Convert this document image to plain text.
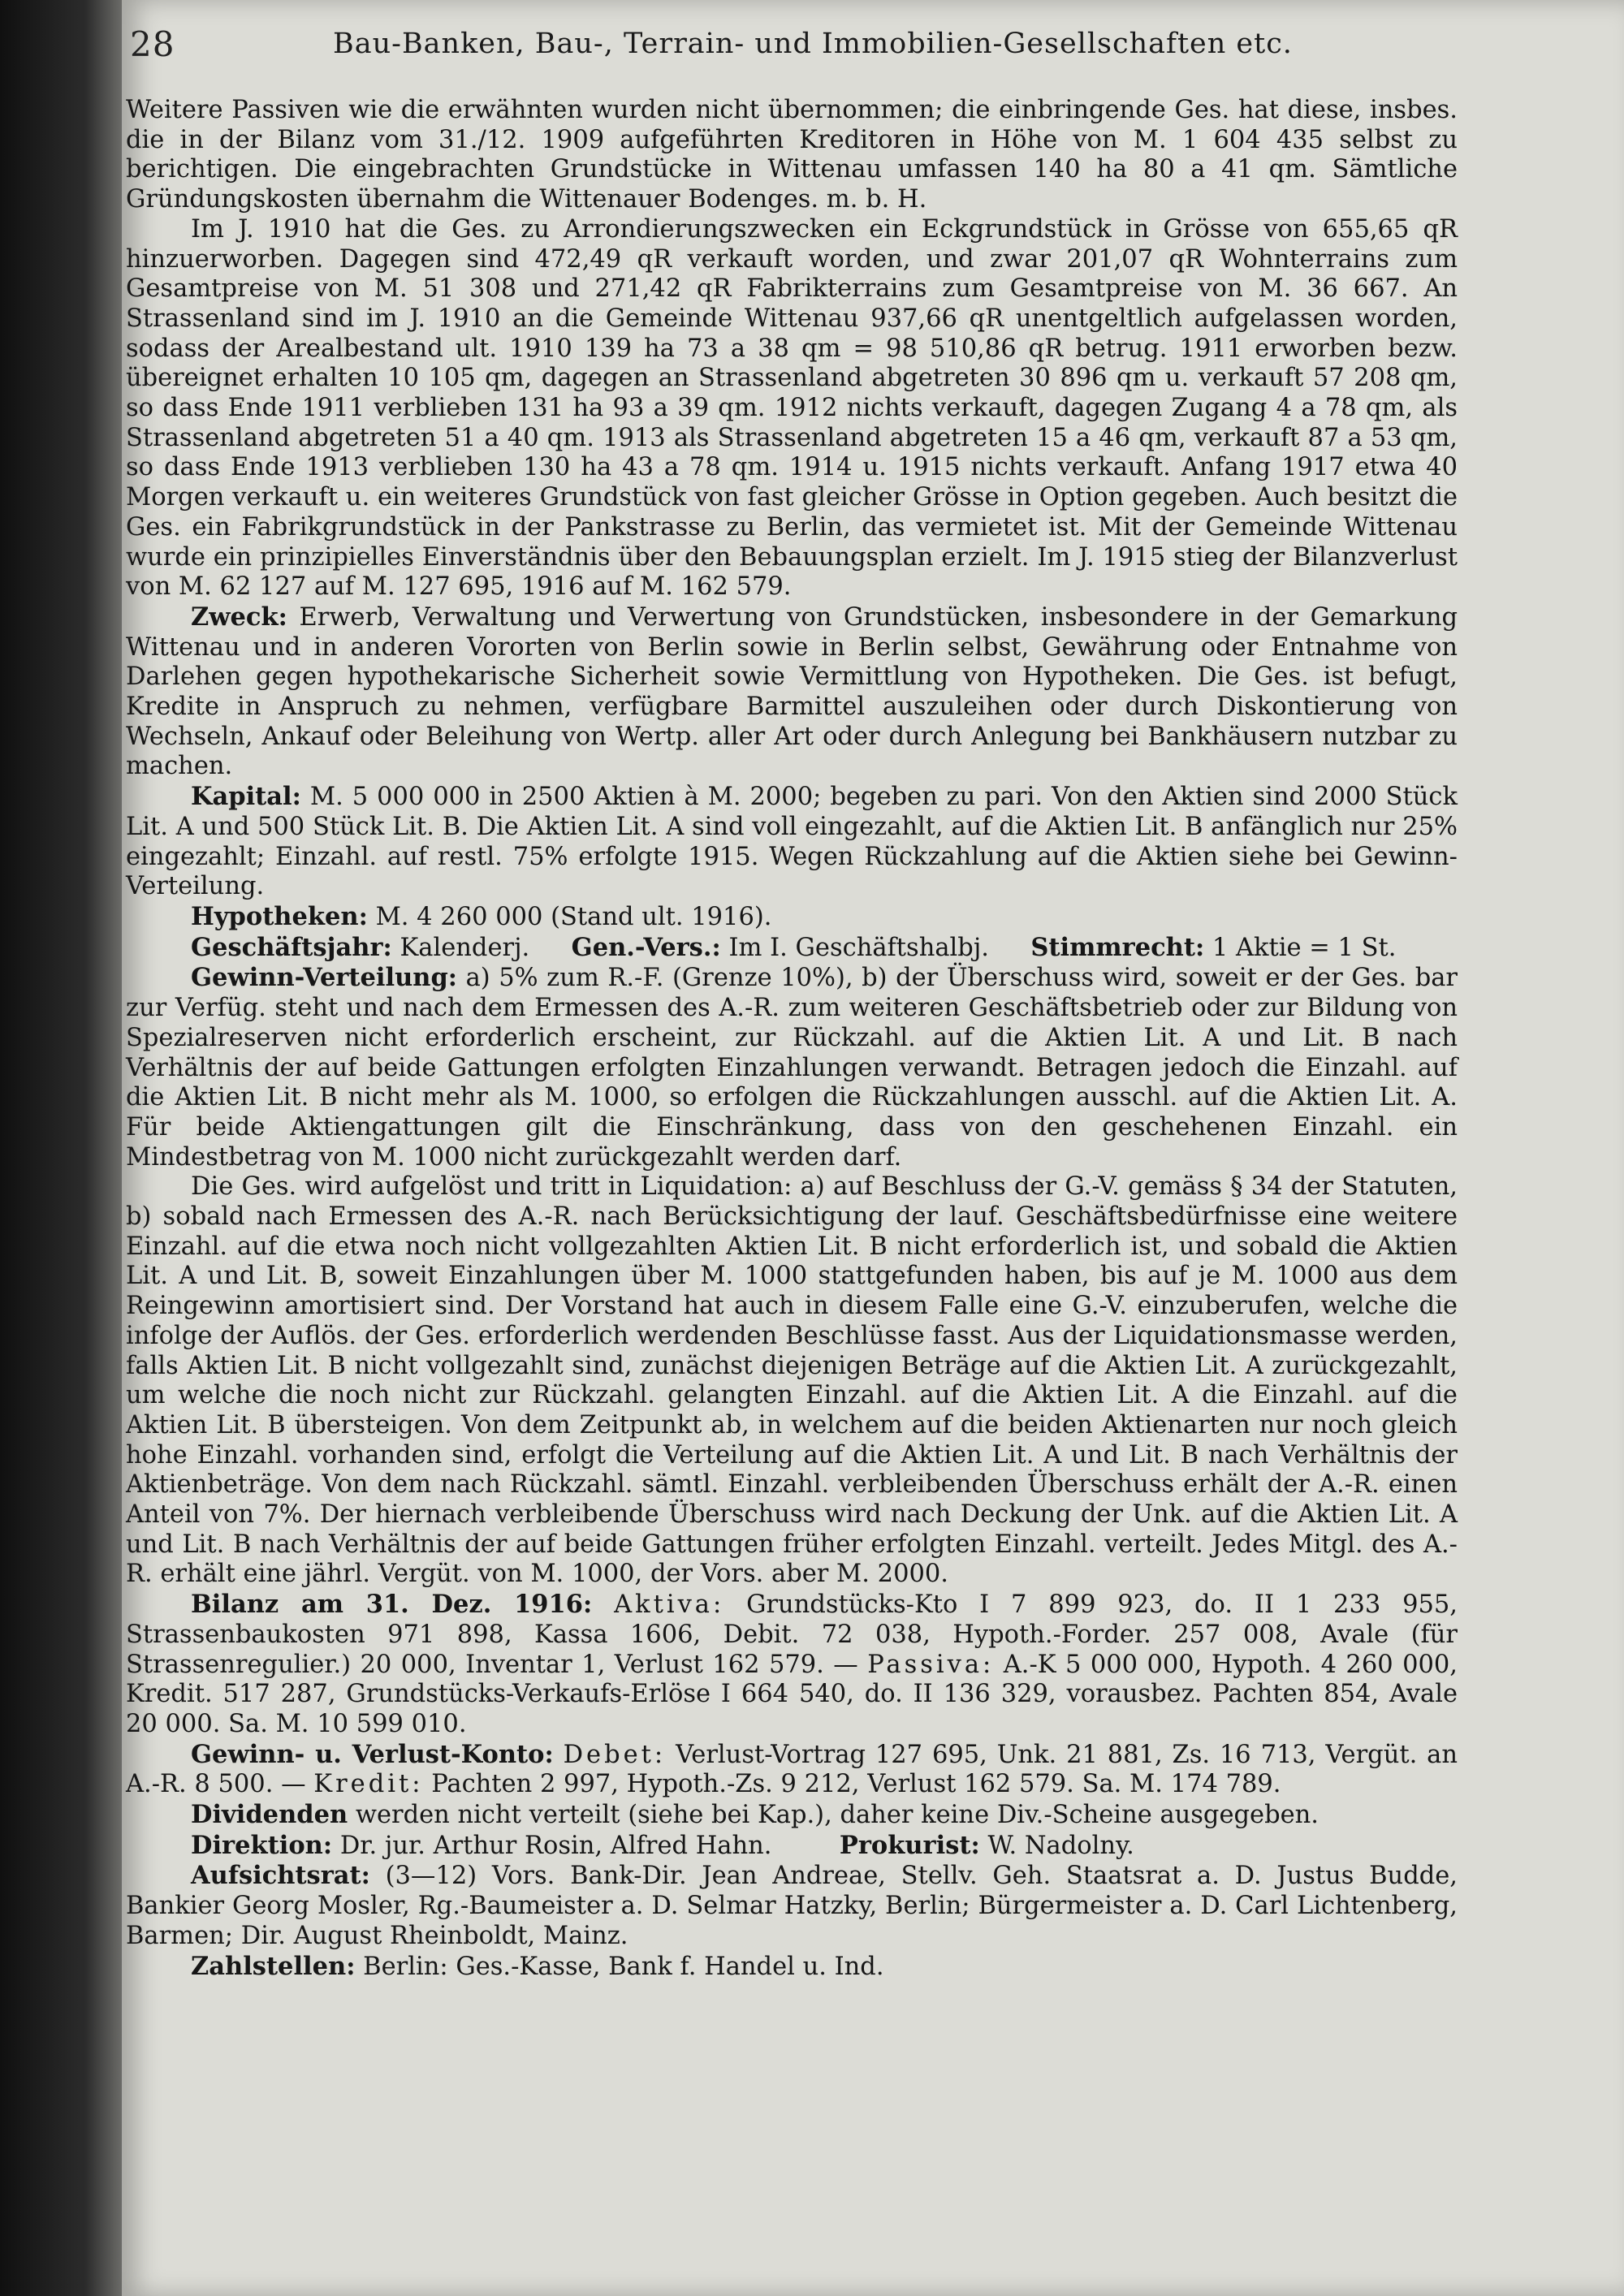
28	Bau-Banken, Bau-, Terrain- und Immobilien-Gesellschaften etc.

Weitere Passiven wie die erwähnten wurden nicht übernommen; die einbringende Ges. hat diese, insbes. die in der Bilanz vom 31./12. 1909 aufgeführten Kreditoren in Höhe von M. 1 604 435 selbst zu berichtigen. Die eingebrachten Grundstücke in Wittenau umfassen 140 ha 80 a 41 qm. Sämtliche Gründungskosten übernahm die Wittenauer Bodenges. m. b. H.

Im J. 1910 hat die Ges. zu Arrondierungszwecken ein Eckgrundstück in Grösse von 655,65 qR hinzuerworben. Dagegen sind 472,49 qR verkauft worden, und zwar 201,07 qR Wohnterrains zum Gesamtpreise von M. 51 308 und 271,42 qR Fabrikterrains zum Gesamtpreise von M. 36 667. An Strassenland sind im J. 1910 an die Gemeinde Wittenau 937,66 qR unentgeltlich aufgelassen worden, sodass der Arealbestand ult. 1910 139 ha 73 a 38 qm = 98 510,86 qR betrug. 1911 erworben bezw. übereignet erhalten 10 105 qm, dagegen an Strassenland abgetreten 30 896 qm u. verkauft 57 208 qm, so dass Ende 1911 verblieben 131 ha 93 a 39 qm. 1912 nichts verkauft, dagegen Zugang 4 a 78 qm, als Strassenland abgetreten 51 a 40 qm. 1913 als Strassenland abgetreten 15 a 46 qm, verkauft 87 a 53 qm, so dass Ende 1913 verblieben 130 ha 43 a 78 qm. 1914 u. 1915 nichts verkauft. Anfang 1917 etwa 40 Morgen verkauft u. ein weiteres Grundstück von fast gleicher Grösse in Option gegeben. Auch besitzt die Ges. ein Fabrikgrundstück in der Pankstrasse zu Berlin, das vermietet ist. Mit der Gemeinde Wittenau wurde ein prinzipielles Einverständnis über den Bebauungsplan erzielt. Im J. 1915 stieg der Bilanzverlust von M. 62 127 auf M. 127 695, 1916 auf M. 162 579.

Zweck: Erwerb, Verwaltung und Verwertung von Grundstücken, insbesondere in der Gemarkung Wittenau und in anderen Vororten von Berlin sowie in Berlin selbst, Gewährung oder Entnahme von Darlehen gegen hypothekarische Sicherheit sowie Vermittlung von Hypotheken. Die Ges. ist befugt, Kredite in Anspruch zu nehmen, verfügbare Barmittel auszuleihen oder durch Diskontierung von Wechseln, Ankauf oder Beleihung von Wertp. aller Art oder durch Anlegung bei Bankhäusern nutzbar zu machen.

Kapital: M. 5 000 000 in 2500 Aktien à M. 2000; begeben zu pari. Von den Aktien sind 2000 Stück Lit. A und 500 Stück Lit. B. Die Aktien Lit. A sind voll eingezahlt, auf die Aktien Lit. B anfänglich nur 25% eingezahlt; Einzahl. auf restl. 75% erfolgte 1915. Wegen Rückzahlung auf die Aktien siehe bei Gewinn-Verteilung.

Hypotheken: M. 4 260 000 (Stand ult. 1916).

Geschäftsjahr: Kalenderj. Gen.-Vers.: Im I. Geschäftshalbj. Stimmrecht: 1 Aktie = 1 St.

Gewinn-Verteilung: a) 5% zum R.-F. (Grenze 10%), b) der Überschuss wird, soweit er der Ges. bar zur Verfüg. steht und nach dem Ermessen des A.-R. zum weiteren Geschäftsbetrieb oder zur Bildung von Spezialreserven nicht erforderlich erscheint, zur Rückzahl. auf die Aktien Lit. A und Lit. B nach Verhältnis der auf beide Gattungen erfolgten Einzahlungen verwandt. Betragen jedoch die Einzahl. auf die Aktien Lit. B nicht mehr als M. 1000, so erfolgen die Rückzahlungen ausschl. auf die Aktien Lit. A. Für beide Aktiengattungen gilt die Einschränkung, dass von den geschehenen Einzahl. ein Mindestbetrag von M. 1000 nicht zurückgezahlt werden darf.

Die Ges. wird aufgelöst und tritt in Liquidation: a) auf Beschluss der G.-V. gemäss § 34 der Statuten, b) sobald nach Ermessen des A.-R. nach Berücksichtigung der lauf. Geschäftsbedürfnisse eine weitere Einzahl. auf die etwa noch nicht vollgezahlten Aktien Lit. B nicht erforderlich ist, und sobald die Aktien Lit. A und Lit. B, soweit Einzahlungen über M. 1000 stattgefunden haben, bis auf je M. 1000 aus dem Reingewinn amortisiert sind. Der Vorstand hat auch in diesem Falle eine G.-V. einzuberufen, welche die infolge der Auflös. der Ges. erforderlich werdenden Beschlüsse fasst. Aus der Liquidationsmasse werden, falls Aktien Lit. B nicht vollgezahlt sind, zunächst diejenigen Beträge auf die Aktien Lit. A zurückgezahlt, um welche die noch nicht zur Rückzahl. gelangten Einzahl. auf die Aktien Lit. A die Einzahl. auf die Aktien Lit. B übersteigen. Von dem Zeitpunkt ab, in welchem auf die beiden Aktienarten nur noch gleich hohe Einzahl. vorhanden sind, erfolgt die Verteilung auf die Aktien Lit. A und Lit. B nach Verhältnis der Aktienbeträge. Von dem nach Rückzahl. sämtl. Einzahl. verbleibenden Überschuss erhält der A.-R. einen Anteil von 7%. Der hiernach verbleibende Überschuss wird nach Deckung der Unk. auf die Aktien Lit. A und Lit. B nach Verhältnis der auf beide Gattungen früher erfolgten Einzahl. verteilt. Jedes Mitgl. des A.-R. erhält eine jährl. Vergüt. von M. 1000, der Vors. aber M. 2000.

Bilanz am 31. Dez. 1916: Aktiva: Grundstücks-Kto I 7 899 923, do. II 1 233 955, Strassenbaukosten 971 898, Kassa 1606, Debit. 72 038, Hypoth.-Forder. 257 008, Avale (für Strassenregulier.) 20 000, Inventar 1, Verlust 162 579. — Passiva: A.-K 5 000 000, Hypoth. 4 260 000, Kredit. 517 287, Grundstücks-Verkaufs-Erlöse I 664 540, do. II 136 329, vorausbez. Pachten 854, Avale 20 000. Sa. M. 10 599 010.

Gewinn- u. Verlust-Konto: Debet: Verlust-Vortrag 127 695, Unk. 21 881, Zs. 16 713, Vergüt. an A.-R. 8 500. — Kredit: Pachten 2 997, Hypoth.-Zs. 9 212, Verlust 162 579. Sa. M. 174 789.

Dividenden werden nicht verteilt (siehe bei Kap.), daher keine Div.-Scheine ausgegeben.

Direktion: Dr. jur. Arthur Rosin, Alfred Hahn.	Prokurist: W. Nadolny.

Aufsichtsrat: (3—12) Vors. Bank-Dir. Jean Andreae, Stellv. Geh. Staatsrat a. D. Justus Budde, Bankier Georg Mosler, Rg.-Baumeister a. D. Selmar Hatzky, Berlin; Bürgermeister a. D. Carl Lichtenberg, Barmen; Dir. August Rheinboldt, Mainz.

Zahlstellen: Berlin: Ges.-Kasse, Bank f. Handel u. Ind.
